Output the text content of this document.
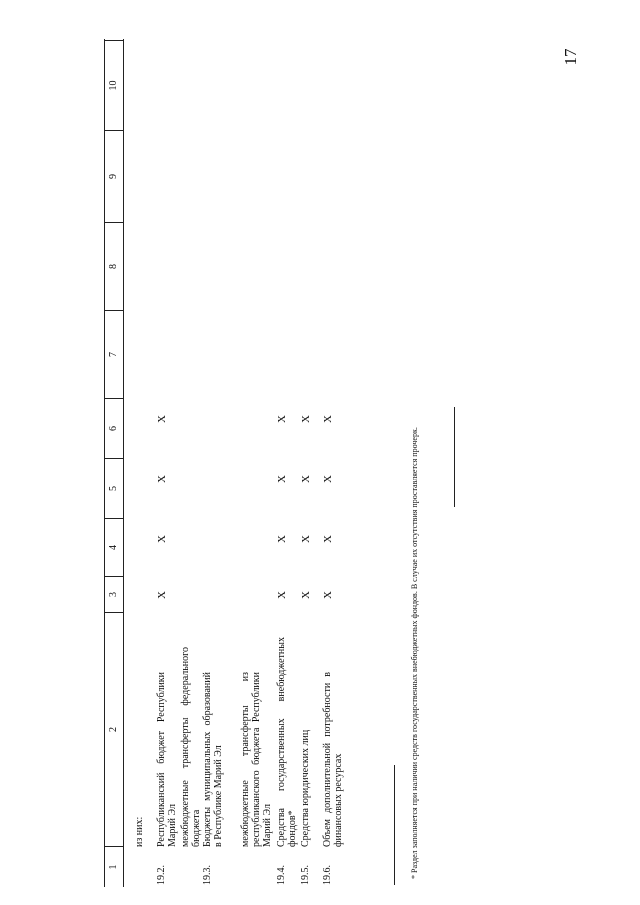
17
1
2
3
4
5
6
7
8
9
10
из них:
19.2.
Республиканский бюджет Республики Марий Эл
X
X
X
X
межбюджетные трансферты федерального бюджета
19.3.
Бюджеты муниципальных образований в Республике Марий Эл межбюджетные трансферты из республиканского бюджета Республики Марий Эл
19.4.
Средства государственных внебюджетных фондов*
X
X
X
X
19.5.
Средства юридических лиц
X
X
X
X
19.6.
Объем дополнительной потребности в финансовых ресурсах
X
X
X
X
* Раздел заполняется при наличии средств государственных внебюджетных фондов. В случае их отсутствия проставляется прочерк.
